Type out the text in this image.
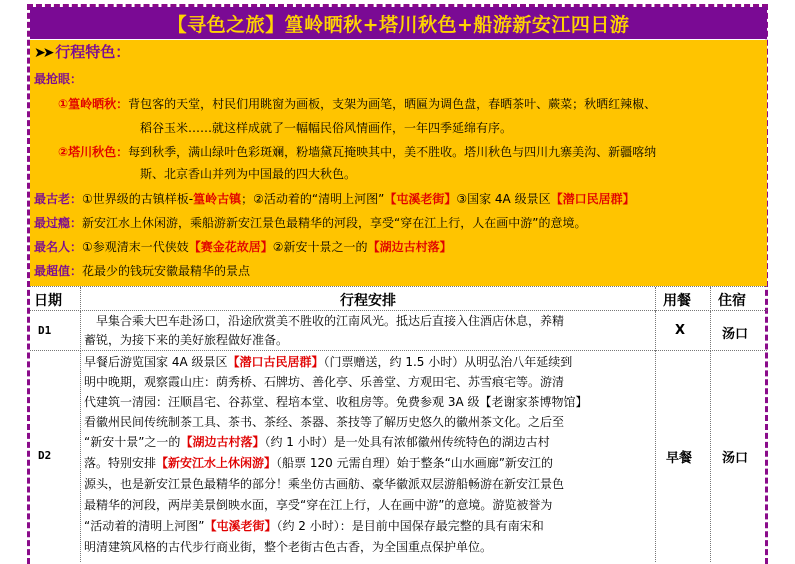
【寻色之旅】篁岭晒秋+塔川秋色+船游新安江四日游
➤➤ 行程特色：
最抢眼：
①篁岭晒秋：背包客的天堂，村民们用眺窗为画板，支架为画笔，晒匾为调色盘，春晒茶叶、蕨菜；秋晒红辣椒、
稻谷玉米……就这样成就了一幅幅民俗风情画作，一年四季延绵有序。
②塔川秋色：每到秋季，满山绿叶色彩斑斓，粉墙黛瓦掩映其中，美不胜收。塔川秋色与四川九寨美沟、新疆喀纳
斯、北京香山并列为中国最的四大秋色。
最古老：①世界级的古镇样板-篁岭古镇；②活动着的“清明上河图”【屯溪老街】③国家 4A 级景区【潜口民居群】
最过瘾：新安江水上休闲游，乘船游新安江景色最精华的河段，享受“穿在江上行，人在画中游”的意境。
最名人：①参观清末一代侠妓【赛金花故居】②新安十景之一的【湖边古村落】
最超值：花最少的钱玩安徽最精华的景点
日期	行程安排	用餐 住宿
D1
早集合乘大巴车赴汤口，沿途欣赏美不胜收的江南风光。抵达后直接入住酒店休息，养精
蓄锐，为接下来的美好旅程做好准备。
X	汤口
D2
早餐后游览国家 4A 级景区【潜口古民居群】（门票赠送，约 1.5 小时）从明弘治八年延续到
明中晚期，观察霞山庄：荫秀桥、石牌坊、善化亭、乐善堂、方观田宅、苏雪痕宅等。游清
代建筑一清园：汪顺昌宅、谷荪堂、程培本堂、收租房等。免费参观 3A 级【老谢家茶博物馆】
看徽州民间传统制茶工具、茶书、茶经、茶器、茶技等了解历史悠久的徽州茶文化。之后至
“新安十景”之一的【湖边古村落】（约 1 小时）是一处具有浓郁徽州传统特色的湖边古村
落。特别安排【新安江水上休闲游】（船票 120 元需自理）始于整条“山水画廊”新安江的
源头，也是新安江景色最精华的部分！乘坐仿古画舫、豪华徽派双层游船畅游在新安江景色
最精华的河段，两岸美景倒映水面，享受“穿在江上行，人在画中游”的意境。游览被誉为
“活动着的清明上河图”【屯溪老街】（约 2 小时）：是目前中国保存最完整的具有南宋和
明清建筑风格的古代步行商业街，整个老街古色古香，为全国重点保护单位。
早餐 汤口
